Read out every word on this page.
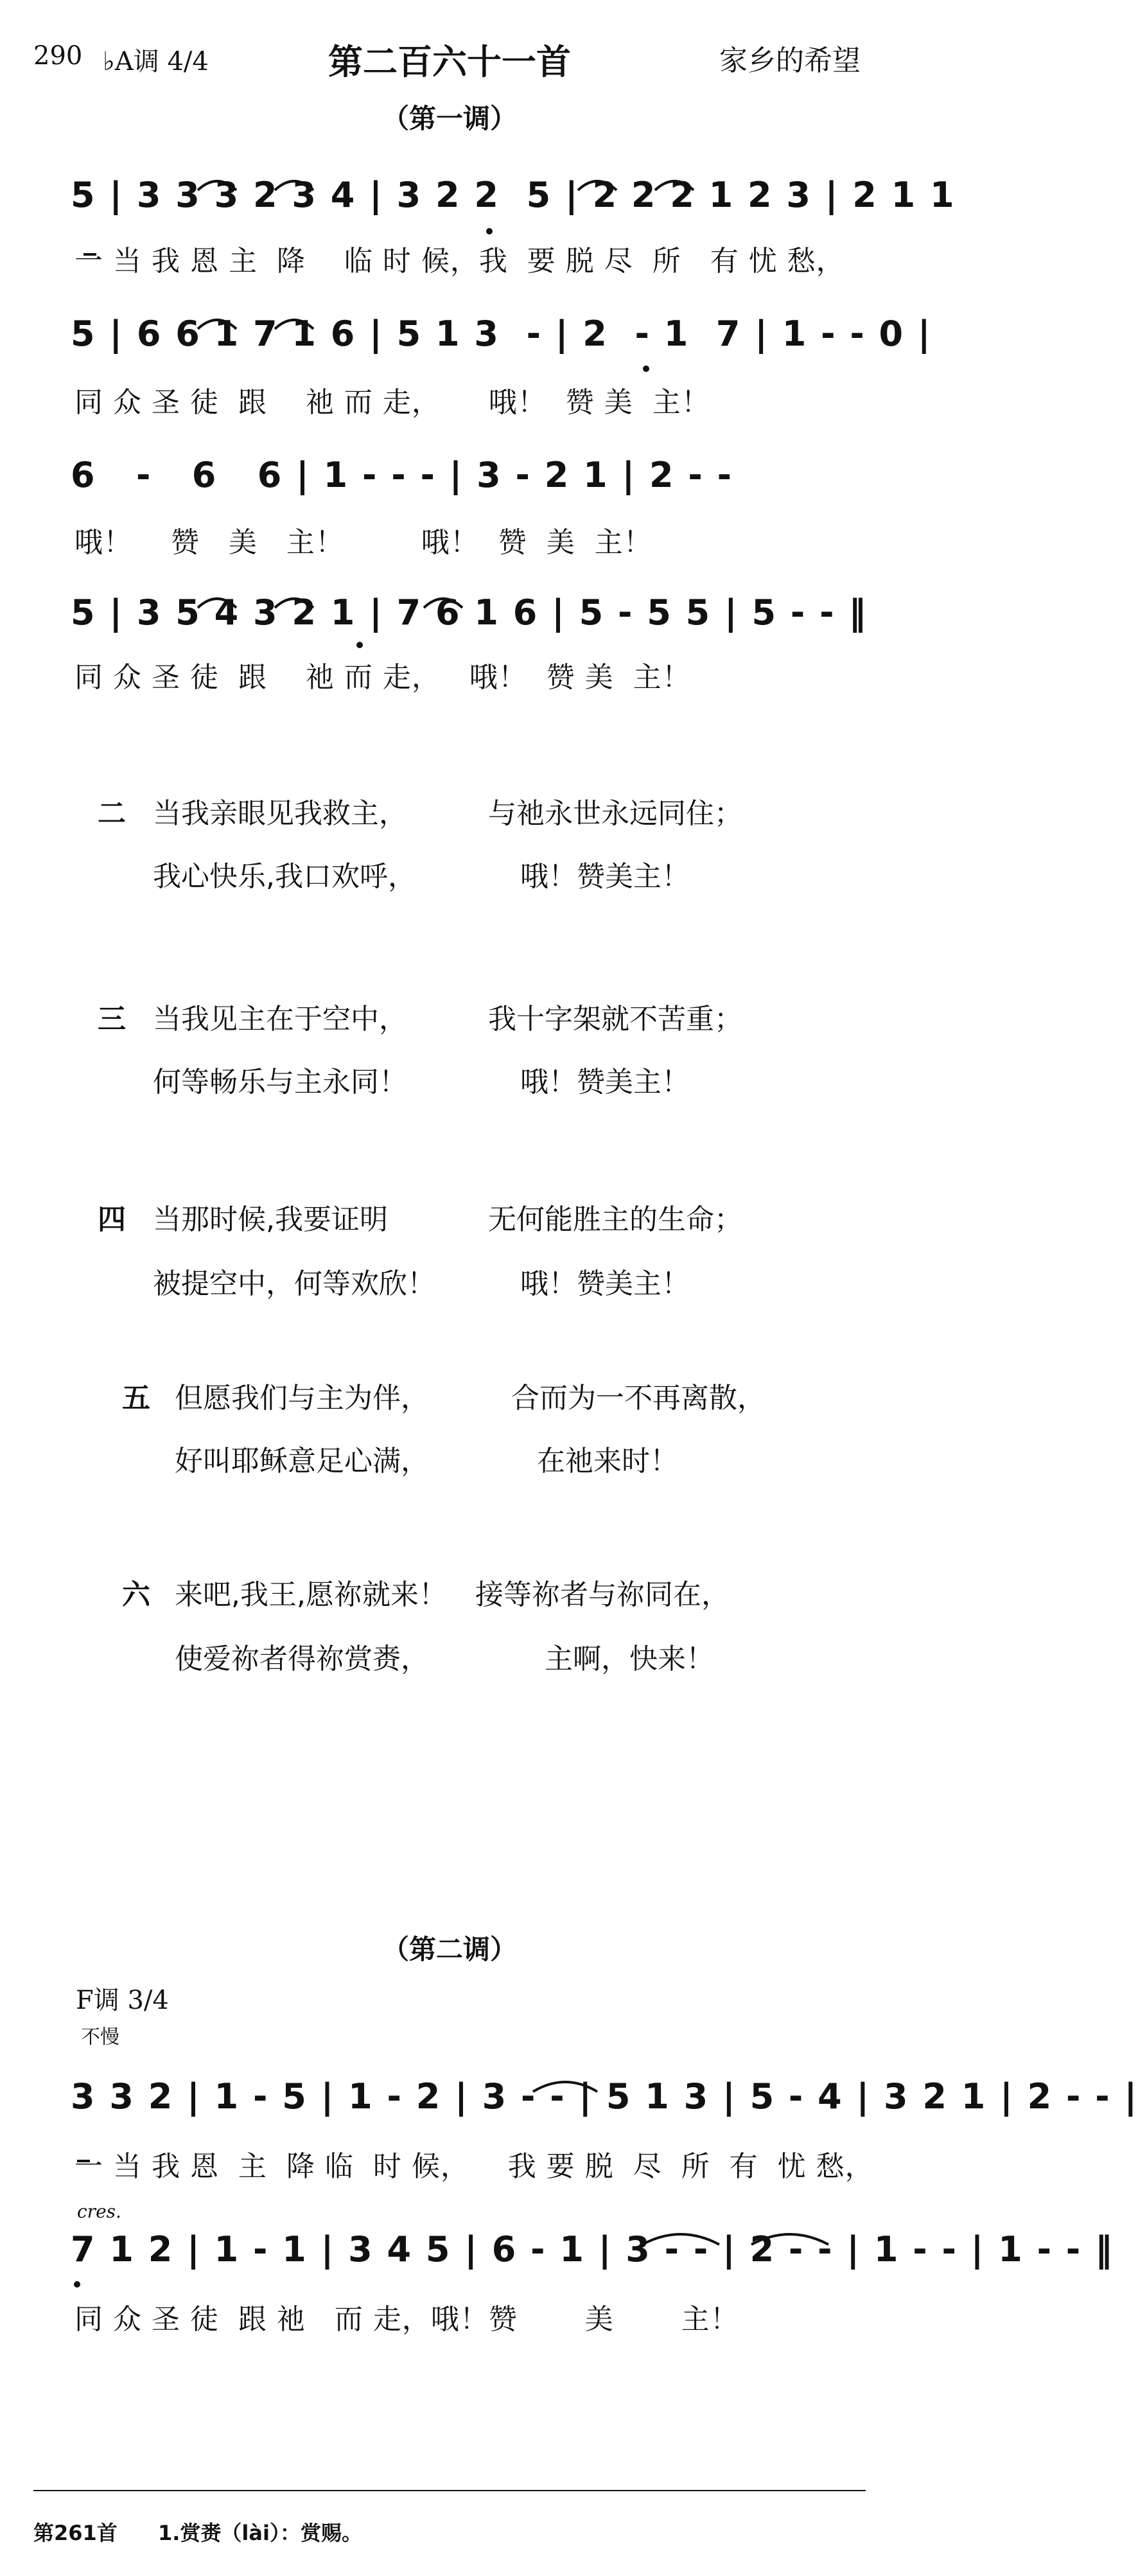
290 ♭A调 4/4	第二百六十一首	家乡的希望
（第一调）
5 | 3 3 3 2 3 4 | 3 2 2  5 | 2 2 2 1 2 3 | 2 1 1
一 当 我 恩 主  降    临 时 候，我  要 脱 尽  所   有 忧 愁，
5 | 6 6 1 7 1 6 | 5 1 3  - | 2  - 1  7 | 1 - - 0 |
同 众 圣 徒  跟    祂 而 走，     哦！  赞 美  主！
6   -   6   6 | 1 - - - | 3 - 2 1 | 2 - -
哦！    赞   美   主！        哦！  赞  美  主！
5 | 3 5 4 3 2 1 | 7 6 1 6 | 5 - 5 5 | 5 - - ‖
同 众 圣 徒  跟    祂 而 走，   哦！  赞 美  主！
二 当我亲眼见我救主，	与祂永世永远同住；
我心快乐,我口欢呼，	哦！赞美主！
三 当我见主在于空中，	我十字架就不苦重；
何等畅乐与主永同！	哦！赞美主！
四 当那时候,我要证明	无何能胜主的生命；
被提空中，何等欢欣！	哦！赞美主！
五 但愿我们与主为伴，	合而为一不再离散，
好叫耶稣意足心满，	在祂来时！
六 来吧,我王,愿祢就来！ 接等祢者与祢同在，
使爱祢者得祢赏赉，	主啊，快来！
（第二调）
F调 3/4
不慢
3 3 2 | 1 - 5 | 1 - 2 | 3 - - | 5 1 3 | 5 - 4 | 3 2 1 | 2 - - |
一 当 我 恩  主  降 临  时 候，    我 要 脱  尽  所  有  忧 愁，
cres.
7 1 2 | 1 - 1 | 3 4 5 | 6 - 1 | 3 - - | 2 - - | 1 - - | 1 - - ‖
同 众 圣 徒  跟 祂   而 走，哦！赞       美       主！
第261首 1.赏赉（lài）：赏赐。
